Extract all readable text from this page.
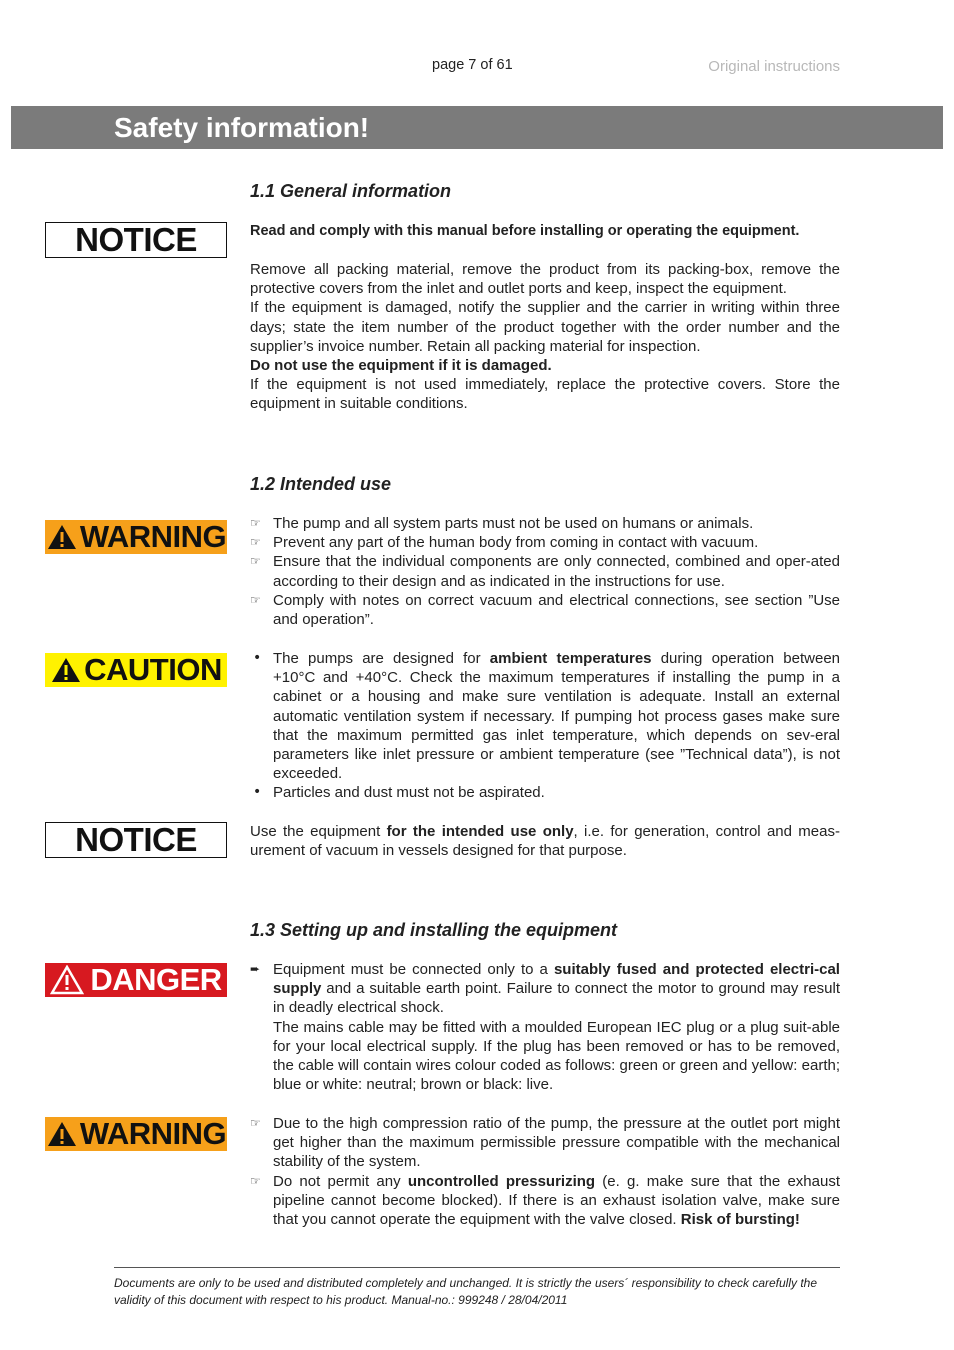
page 7 of 61	Original instructions
Safety information!
1.1 General information
NOTICE	Read and comply with this manual before installing or operating the equipment.

Remove all packing material, remove the product from its packing-box, remove the protective covers from the inlet and outlet ports and keep, inspect the equipment.

If the equipment is damaged, notify the supplier and the carrier in writing within three days; state the item number of the product together with the order number and the supplier’s invoice number. Retain all packing material for inspection.

Do not use the equipment if it is damaged.

If the equipment is not used immediately, replace the protective covers. Store the equipment in suitable conditions.

1.2 Intended use
WARNING ☞ The pump and all system parts must not be used on humans or animals.
☞ Prevent any part of the human body from coming in contact with vacuum.
☞ Ensure that the individual components are only connected, combined and oper-ated according to their design and as indicated in the instructions for use.
☞ Comply with notes on correct vacuum and electrical connections, see section ”Use and operation”.
CAUTION • The pumps are designed for ambient temperatures during operation between +10°C and +40°C. Check the maximum temperatures if installing the pump in a cabinet or a housing and make sure ventilation is adequate. Install an external automatic ventilation system if necessary. If pumping hot process gases make sure that the maximum permitted gas inlet temperature, which depends on sev-eral parameters like inlet pressure or ambient temperature (see ”Technical data”), is not exceeded.
• Particles and dust must not be aspirated.
NOTICE	Use the equipment for the intended use only, i.e. for generation, control and meas-urement of vacuum in vessels designed for that purpose.

1.3 Setting up and installing the equipment
DANGER ➨ Equipment must be connected only to a suitably fused and protected electri-cal supply and a suitable earth point. Failure to connect the motor to ground may result in deadly electrical shock.
The mains cable may be fitted with a moulded European IEC plug or a plug suit-able for your local electrical supply. If the plug has been removed or has to be removed, the cable will contain wires colour coded as follows: green or green and yellow: earth; blue or white: neutral; brown or black: live.
WARNING ☞ Due to the high compression ratio of the pump, the pressure at the outlet port might get higher than the maximum permissible pressure compatible with the mechanical stability of the system.
☞ Do not permit any uncontrolled pressurizing (e. g. make sure that the exhaust pipeline cannot become blocked). If there is an exhaust isolation valve, make sure that you cannot operate the equipment with the valve closed. Risk of bursting!
Documents are only to be used and distributed completely and unchanged. It is strictly the users´ responsibility to check carefully the validity of this document with respect to his product. Manual-no.: 999248 / 28/04/2011
